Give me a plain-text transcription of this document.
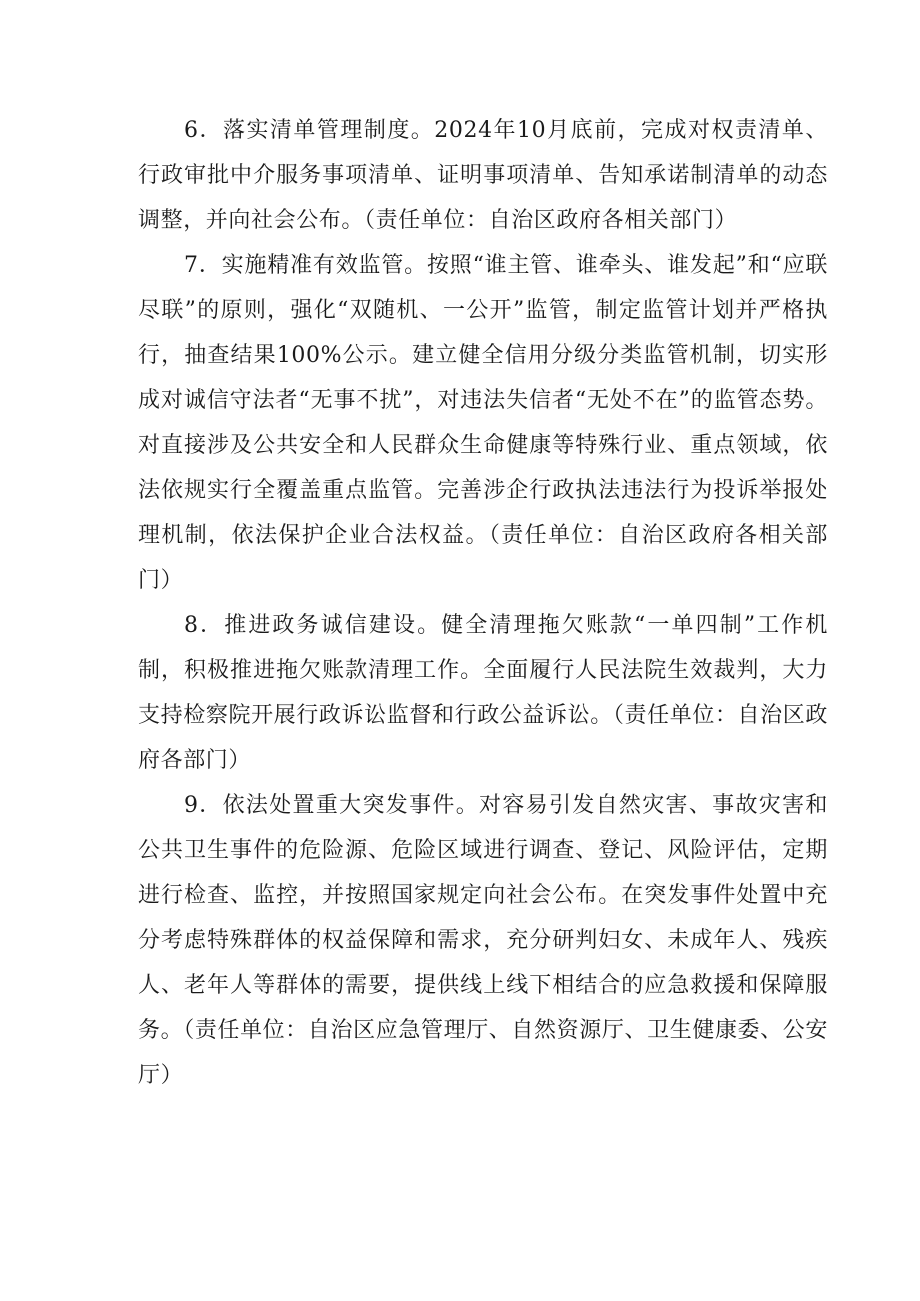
6．落实清单管理制度。2024年10月底前，完成对权责清单、行政审批中介服务事项清单、证明事项清单、告知承诺制清单的动态调整，并向社会公布。（责任单位：自治区政府各相关部门）

7．实施精准有效监管。按照“谁主管、谁牵头、谁发起”和“应联尽联”的原则，强化“双随机、一公开”监管，制定监管计划并严格执行，抽查结果100%公示。建立健全信用分级分类监管机制，切实形成对诚信守法者“无事不扰”，对违法失信者“无处不在”的监管态势。对直接涉及公共安全和人民群众生命健康等特殊行业、重点领域，依法依规实行全覆盖重点监管。完善涉企行政执法违法行为投诉举报处理机制，依法保护企业合法权益。（责任单位：自治区政府各相关部门）

8．推进政务诚信建设。健全清理拖欠账款“一单四制”工作机制，积极推进拖欠账款清理工作。全面履行人民法院生效裁判，大力支持检察院开展行政诉讼监督和行政公益诉讼。（责任单位：自治区政府各部门）

9．依法处置重大突发事件。对容易引发自然灾害、事故灾害和公共卫生事件的危险源、危险区域进行调查、登记、风险评估，定期进行检查、监控，并按照国家规定向社会公布。在突发事件处置中充分考虑特殊群体的权益保障和需求，充分研判妇女、未成年人、残疾人、老年人等群体的需要，提供线上线下相结合的应急救援和保障服务。（责任单位：自治区应急管理厅、自然资源厅、卫生健康委、公安厅）
